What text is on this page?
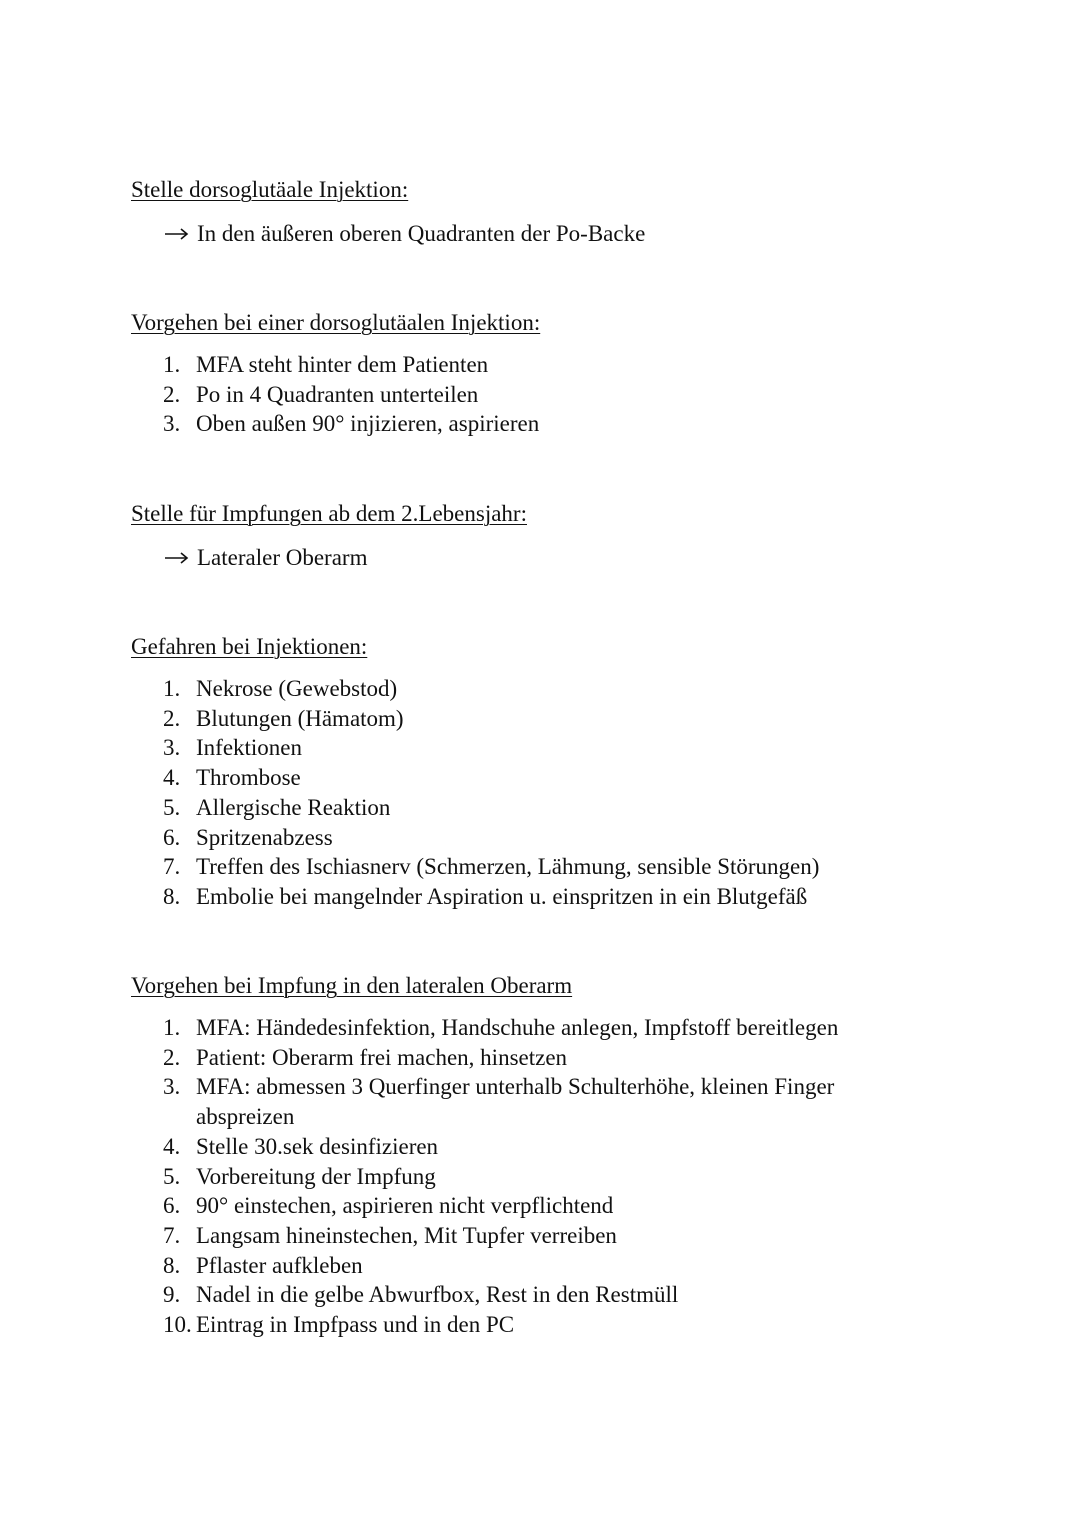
Stelle dorsoglutäale Injektion:
In den äußeren oberen Quadranten der Po-Backe
Vorgehen bei einer dorsoglutäalen Injektion:
1. MFA steht hinter dem Patienten
2. Po in 4 Quadranten unterteilen
3. Oben außen 90° injizieren, aspirieren
Stelle für Impfungen ab dem 2.Lebensjahr:
Lateraler Oberarm
Gefahren bei Injektionen:
1. Nekrose (Gewebstod)
2. Blutungen (Hämatom)
3. Infektionen
4. Thrombose
5. Allergische Reaktion
6. Spritzenabzess
7. Treffen des Ischiasnerv (Schmerzen, Lähmung, sensible Störungen)
8. Embolie bei mangelnder Aspiration u. einspritzen in ein Blutgefäß
Vorgehen bei Impfung in den lateralen Oberarm
1. MFA: Händedesinfektion, Handschuhe anlegen, Impfstoff bereitlegen
2. Patient: Oberarm frei machen, hinsetzen
3. MFA: abmessen 3 Querfinger unterhalb Schulterhöhe, kleinen Finger abspreizen
4. Stelle 30.sek desinfizieren
5. Vorbereitung der Impfung
6. 90° einstechen, aspirieren nicht verpflichtend
7. Langsam hineinstechen, Mit Tupfer verreiben
8. Pflaster aufkleben
9. Nadel in die gelbe Abwurfbox, Rest in den Restmüll
10. Eintrag in Impfpass und in den PC
